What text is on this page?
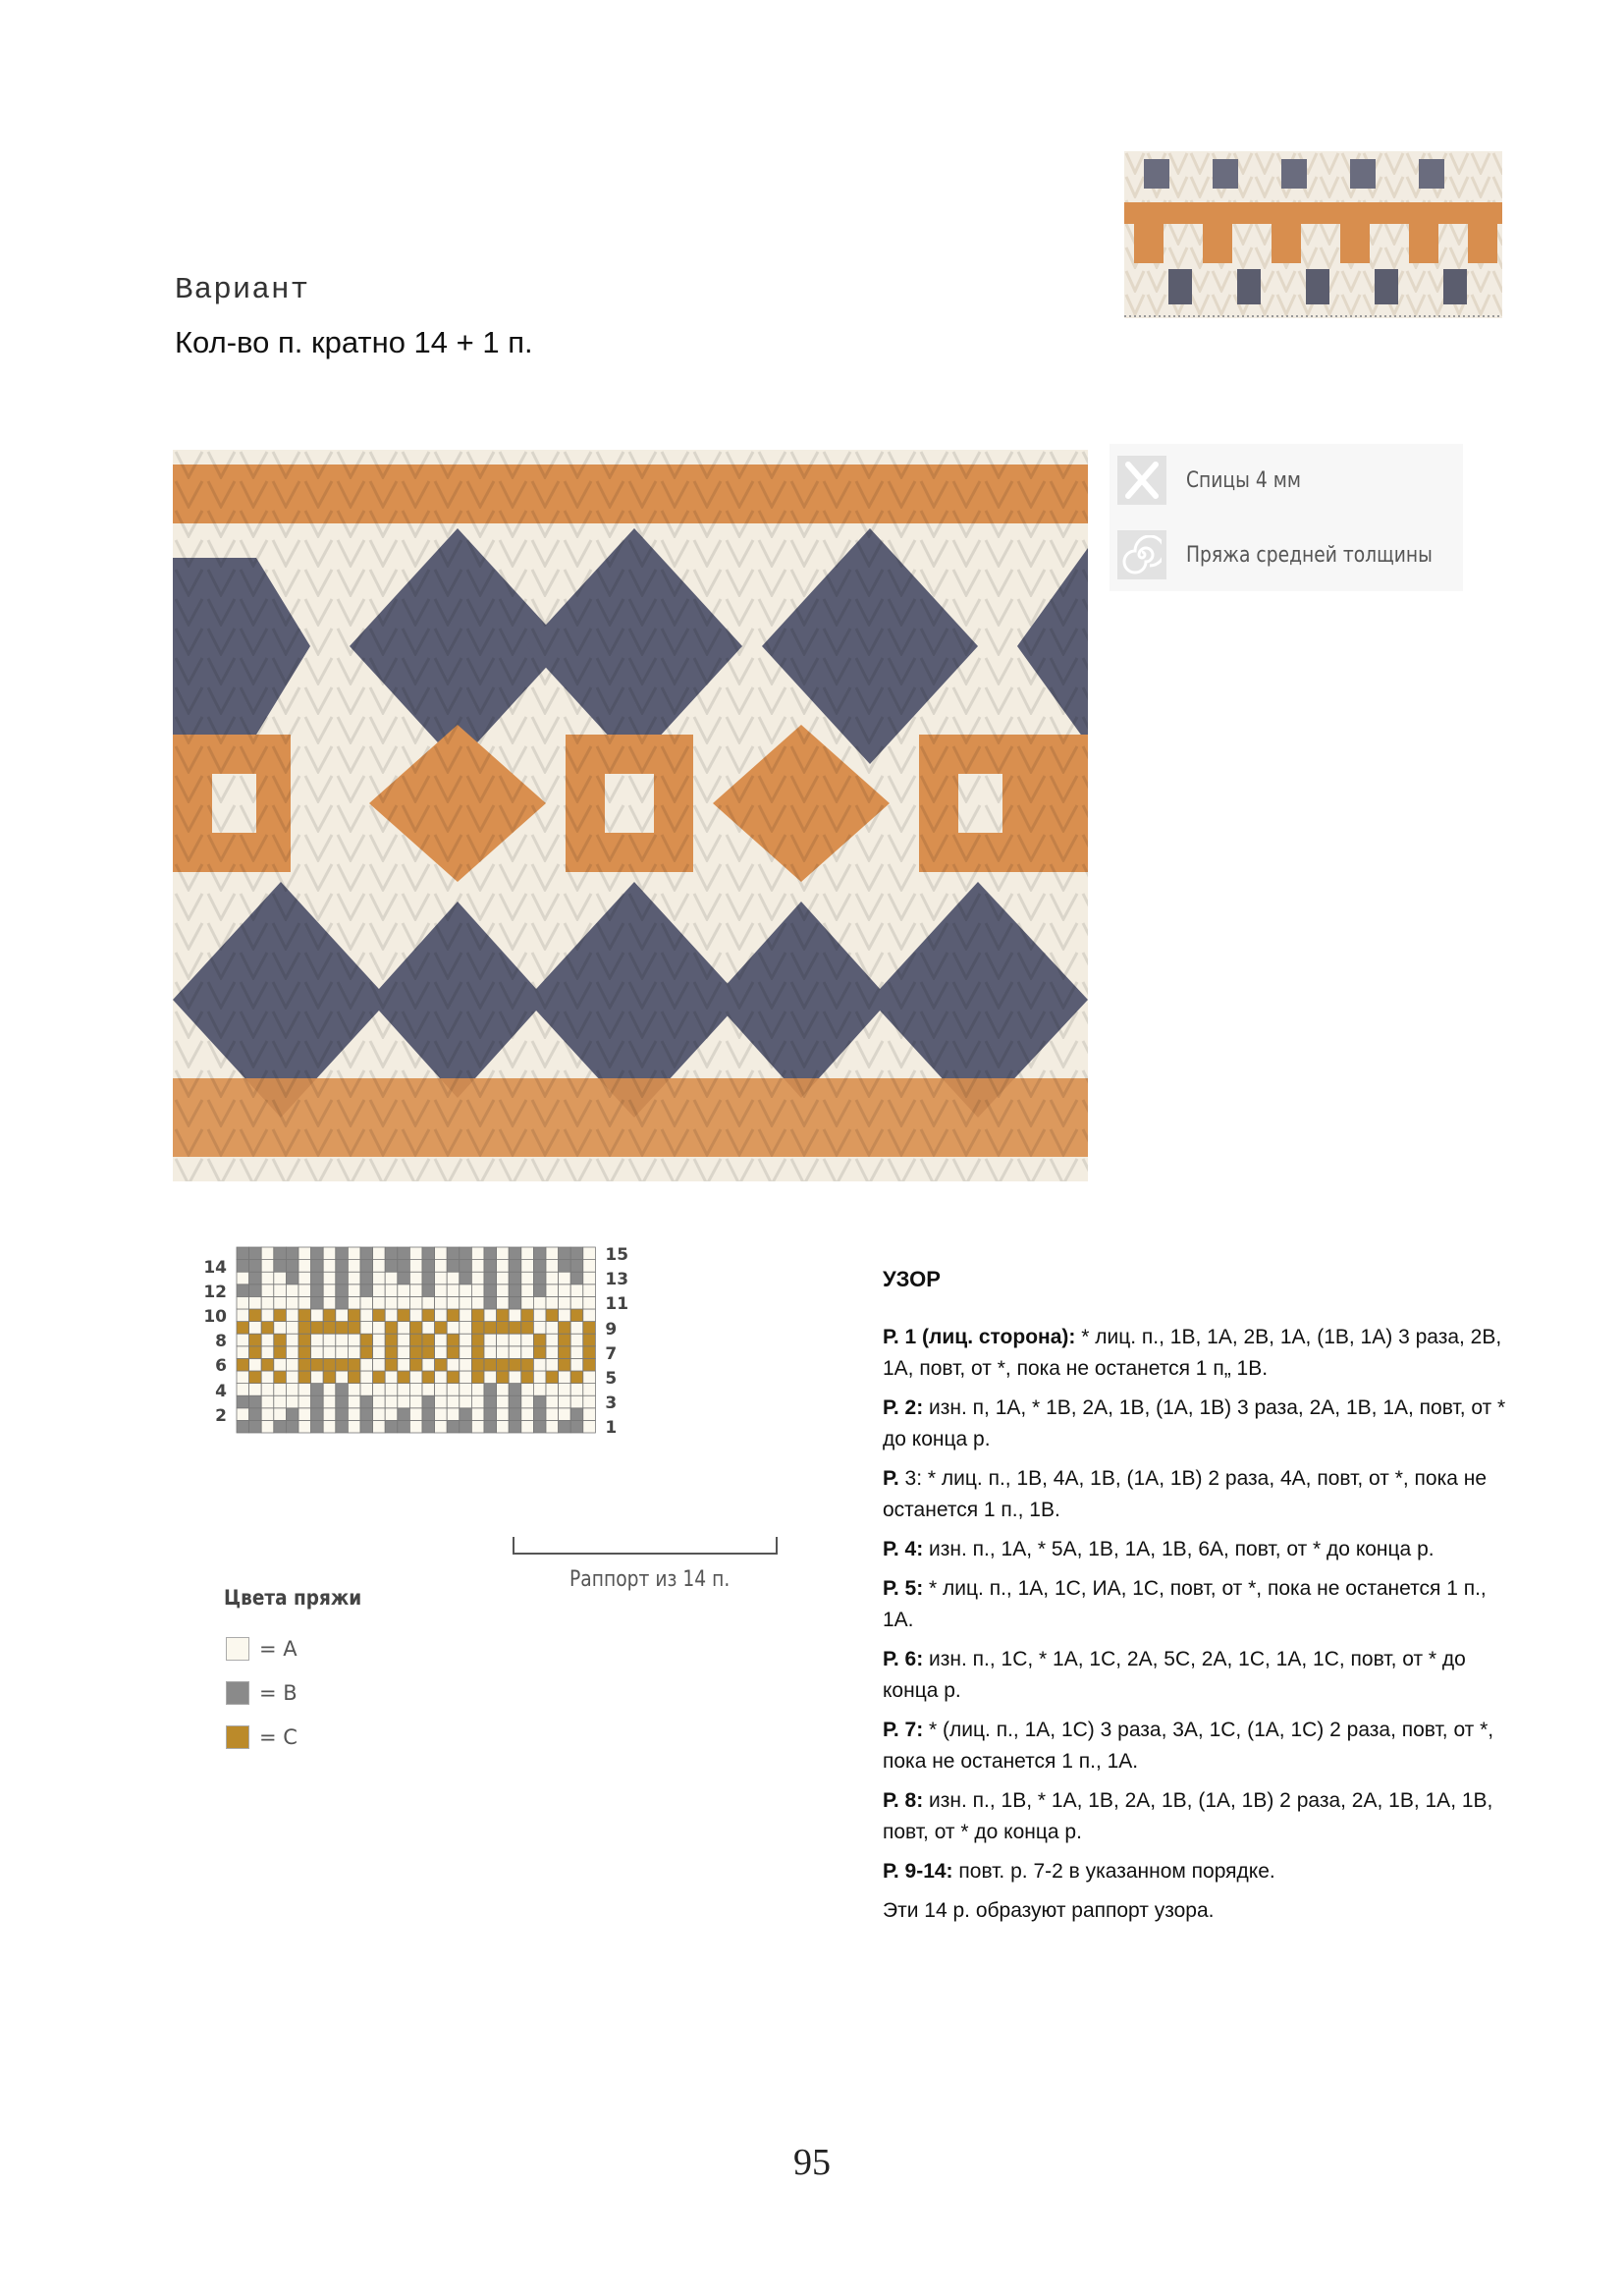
Вариант
Кол-во п. кратно 14 + 1 п.
Спицы 4 мм
Пряжа средней толщины
14
12
10
8
6
4
2
15
13
11
9
7
5
3
1
Раппорт из 14 п.
Цвета пряжи
= A
= B
= C
УЗОР
Р. 1 (лиц. сторона): * лиц. п., 1В, 1А, 2В, 1А, (1В, 1А) 3 раза, 2В, 1А, повт, от *, пока не останется 1 п„ 1В.
Р. 2: изн. п, 1А, * 1В, 2А, 1В, (1А, 1В) 3 раза, 2А, 1В, 1А, повт, от * до конца р.
Р. 3: * лиц. п., 1В, 4А, 1В, (1А, 1В) 2 раза, 4А, повт, от *, пока не останется 1 п., 1В.
Р. 4: изн. п., 1А, * 5А, 1В, 1А, 1В, 6А, повт, от * до конца р.
Р. 5: * лиц. п., 1А, 1С, ИА, 1С, повт, от *, пока не останется 1 п., 1А.
Р. 6: изн. п., 1С, * 1А, 1С, 2А, 5С, 2А, 1С, 1А, 1С, повт, от * до конца р.
Р. 7: * (лиц. п., 1А, 1С) 3 раза, 3А, 1С, (1А, 1С) 2 раза, повт, от *, пока не останется 1 п., 1А.
Р. 8: изн. п., 1В, * 1А, 1В, 2А, 1В, (1А, 1В) 2 раза, 2А, 1В, 1А, 1В, повт, от * до конца р.
Р. 9-14: повт. р. 7-2 в указанном порядке.
Эти 14 р. образуют раппорт узора.
95
